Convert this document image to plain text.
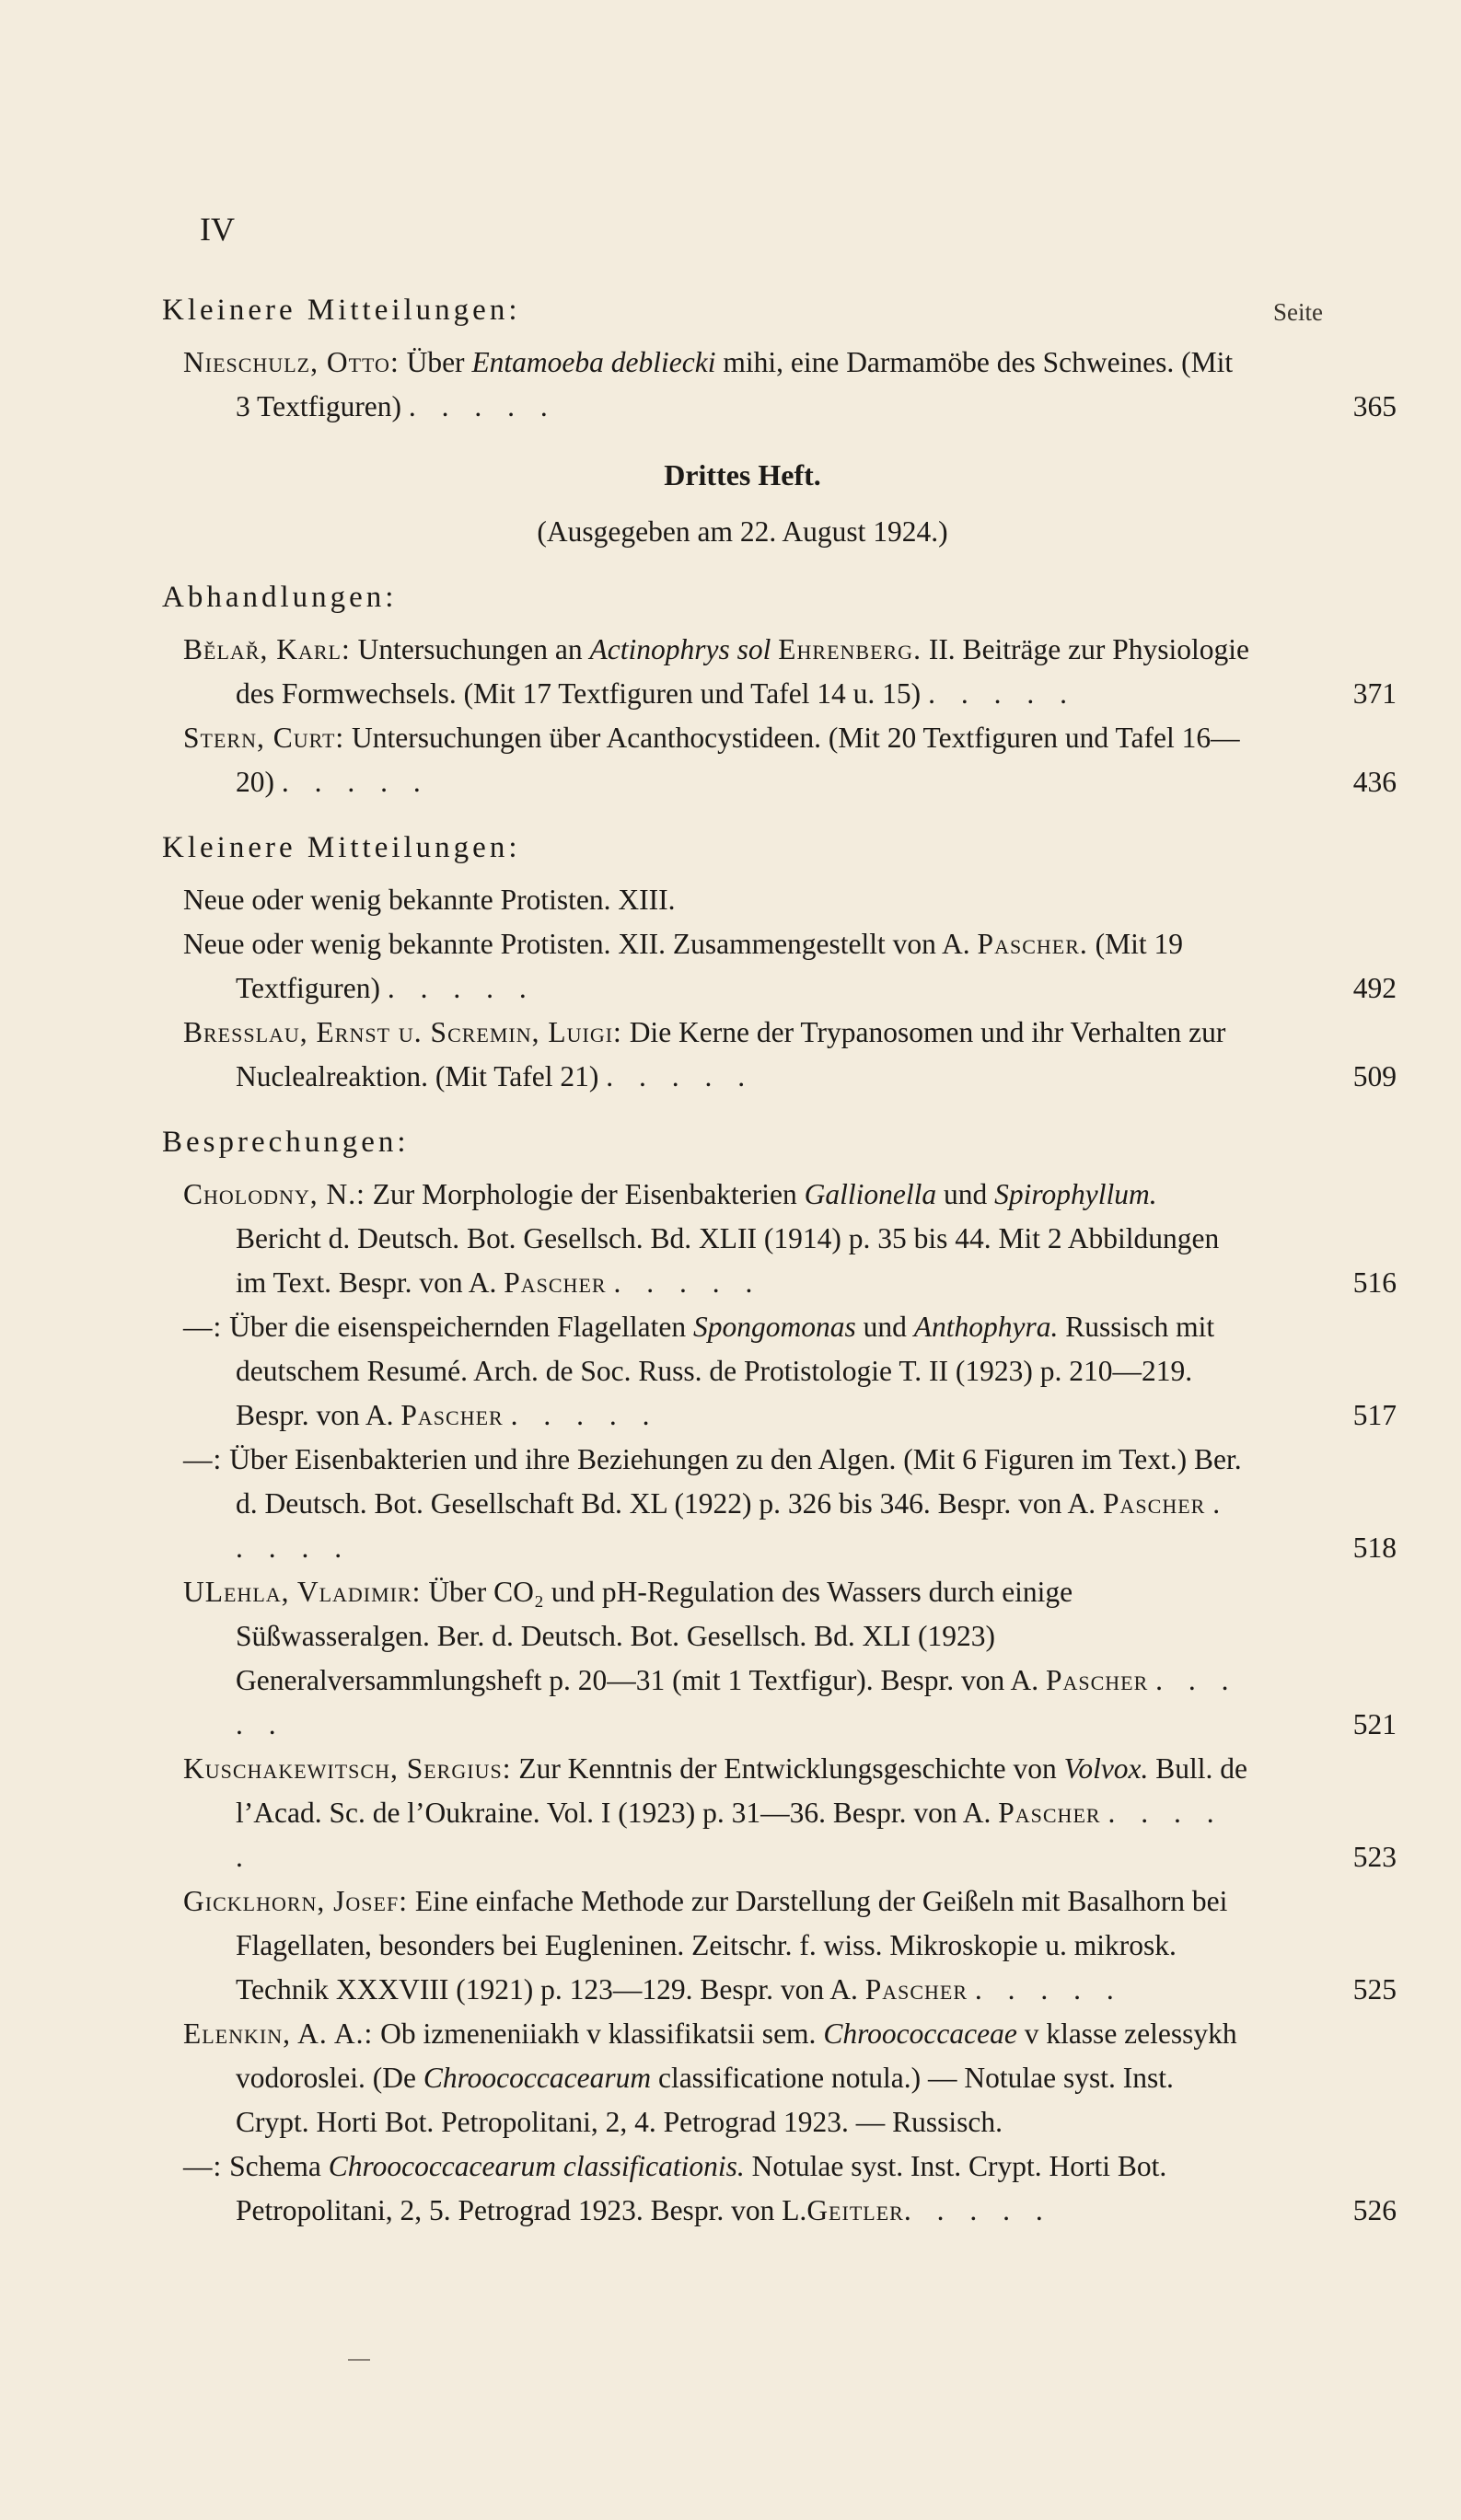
IV
Seite
Kleinere Mitteilungen:
Nieschulz, Otto: Über Entamoeba debliecki mihi, eine Darmamöbe des Schweines. (Mit 3 Textfiguren) . . . . .	365
Drittes Heft.
(Ausgegeben am 22. August 1924.)
Abhandlungen:
Bělař, Karl: Untersuchungen an Actinophrys sol Ehrenberg. II. Beiträge zur Physiologie des Formwechsels. (Mit 17 Textfiguren und Tafel 14 u. 15) . . . . .	371
Stern, Curt: Untersuchungen über Acanthocystideen. (Mit 20 Textfiguren und Tafel 16—20) . . . . .	436
Kleinere Mitteilungen:
Neue oder wenig bekannte Protisten. XIII.
Neue oder wenig bekannte Protisten. XII. Zusammengestellt von A. Pascher. (Mit 19 Textfiguren) . . . . .	492
Bresslau, Ernst u. Scremin, Luigi: Die Kerne der Trypanosomen und ihr Verhalten zur Nuclealreaktion. (Mit Tafel 21) . . . . .	509
Besprechungen:
Cholodny, N.: Zur Morphologie der Eisenbakterien Gallionella und Spirophyllum. Bericht d. Deutsch. Bot. Gesellsch. Bd. XLII (1914) p. 35 bis 44. Mit 2 Abbildungen im Text. Bespr. von A. Pascher . . . . .	516
—: Über die eisenspeichernden Flagellaten Spongomonas und Anthophyra. Russisch mit deutschem Resumé. Arch. de Soc. Russ. de Protistologie T. II (1923) p. 210—219. Bespr. von A. Pascher . . . . .	517
—: Über Eisenbakterien und ihre Beziehungen zu den Algen. (Mit 6 Figuren im Text.) Ber. d. Deutsch. Bot. Gesellschaft Bd. XL (1922) p. 326 bis 346. Bespr. von A. Pascher . . . . .	518
ULehla, Vladimir: Über CO₂ und pH-Regulation des Wassers durch einige Süßwasseralgen. Ber. d. Deutsch. Bot. Gesellsch. Bd. XLI (1923) Generalversammlungsheft p. 20—31 (mit 1 Textfigur). Bespr. von A. Pascher . . . . .	521
Kuschakewitsch, Sergius: Zur Kenntnis der Entwicklungsgeschichte von Volvox. Bull. de l’Acad. Sc. de l’Oukraine. Vol. I (1923) p. 31—36. Bespr. von A. Pascher . . . . .	523
Gicklhorn, Josef: Eine einfache Methode zur Darstellung der Geißeln mit Basalhorn bei Flagellaten, besonders bei Eugleninen. Zeitschr. f. wiss. Mikroskopie u. mikrosk. Technik XXXVIII (1921) p. 123—129. Bespr. von A. Pascher . . . . .	525
Elenkin, A. A.: Ob izmeneniiakh v klassifikatsii sem. Chroococcaceae v klasse zelessykh vodoroslei. (De Chroococcacearum classificatione notula.) — Notulae syst. Inst. Crypt. Horti Bot. Petropolitani, 2, 4. Petrograd 1923. — Russisch.
—: Schema Chroococcacearum classificationis. Notulae syst. Inst. Crypt. Horti Bot. Petropolitani, 2, 5. Petrograd 1923. Bespr. von L.Geitler. . . . .	526
